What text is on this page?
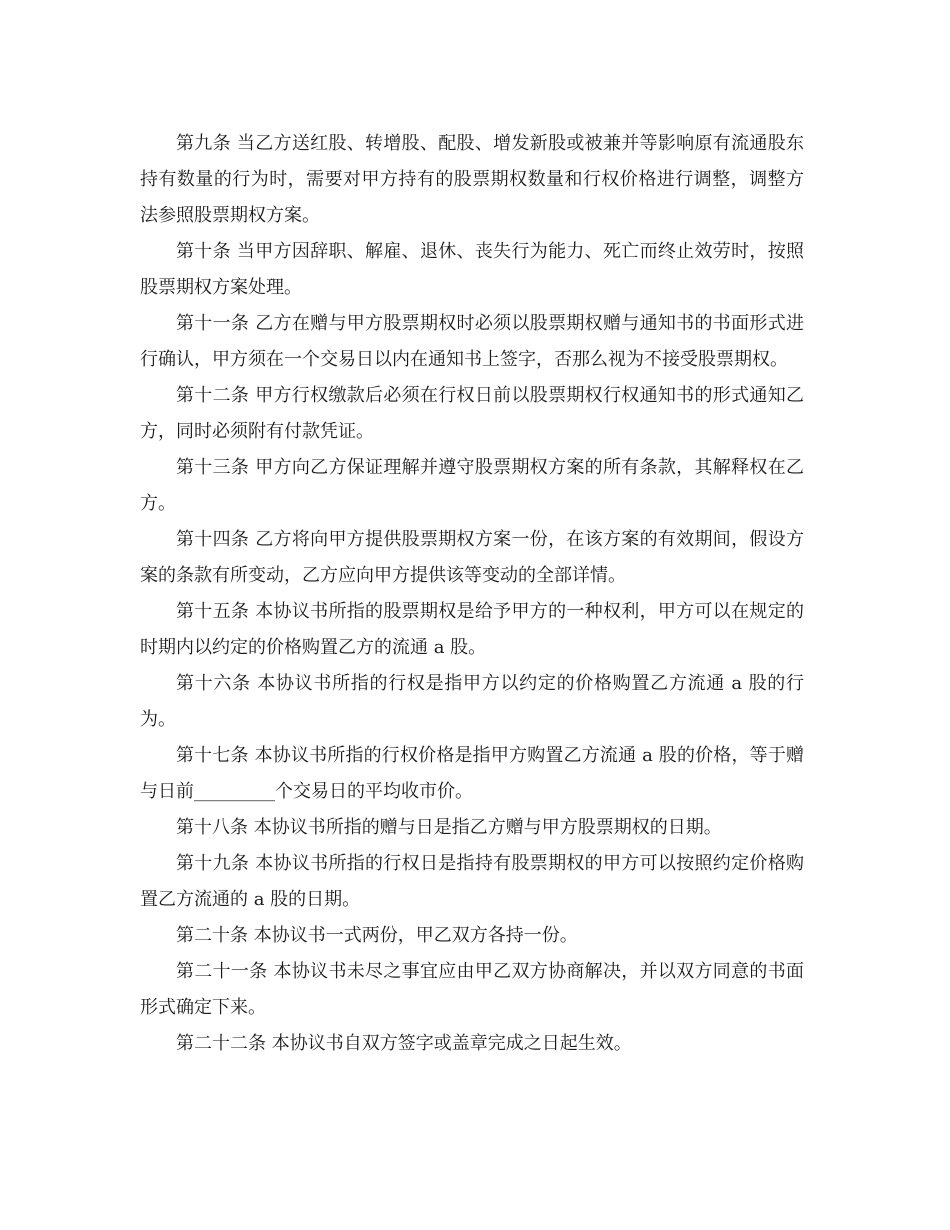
第九条 当乙方送红股、转增股、配股、增发新股或被兼并等影响原有流通股东持有数量的行为时，需要对甲方持有的股票期权数量和行权价格进行调整，调整方法参照股票期权方案。

第十条 当甲方因辞职、解雇、退休、丧失行为能力、死亡而终止效劳时，按照股票期权方案处理。

第十一条 乙方在赠与甲方股票期权时必须以股票期权赠与通知书的书面形式进行确认，甲方须在一个交易日以内在通知书上签字，否那么视为不接受股票期权。

第十二条 甲方行权缴款后必须在行权日前以股票期权行权通知书的形式通知乙方，同时必须附有付款凭证。

第十三条 甲方向乙方保证理解并遵守股票期权方案的所有条款，其解释权在乙方。

第十四条 乙方将向甲方提供股票期权方案一份，在该方案的有效期间，假设方案的条款有所变动，乙方应向甲方提供该等变动的全部详情。

第十五条 本协议书所指的股票期权是给予甲方的一种权利，甲方可以在规定的时期内以约定的价格购置乙方的流通 a 股。

第十六条 本协议书所指的行权是指甲方以约定的价格购置乙方流通 a 股的行为。

第十七条 本协议书所指的行权价格是指甲方购置乙方流通 a 股的价格，等于赠与日前_________个交易日的平均收市价。

第十八条 本协议书所指的赠与日是指乙方赠与甲方股票期权的日期。

第十九条 本协议书所指的行权日是指持有股票期权的甲方可以按照约定价格购置乙方流通的 a 股的日期。

第二十条 本协议书一式两份，甲乙双方各持一份。

第二十一条 本协议书未尽之事宜应由甲乙双方协商解决，并以双方同意的书面形式确定下来。

第二十二条 本协议书自双方签字或盖章完成之日起生效。
